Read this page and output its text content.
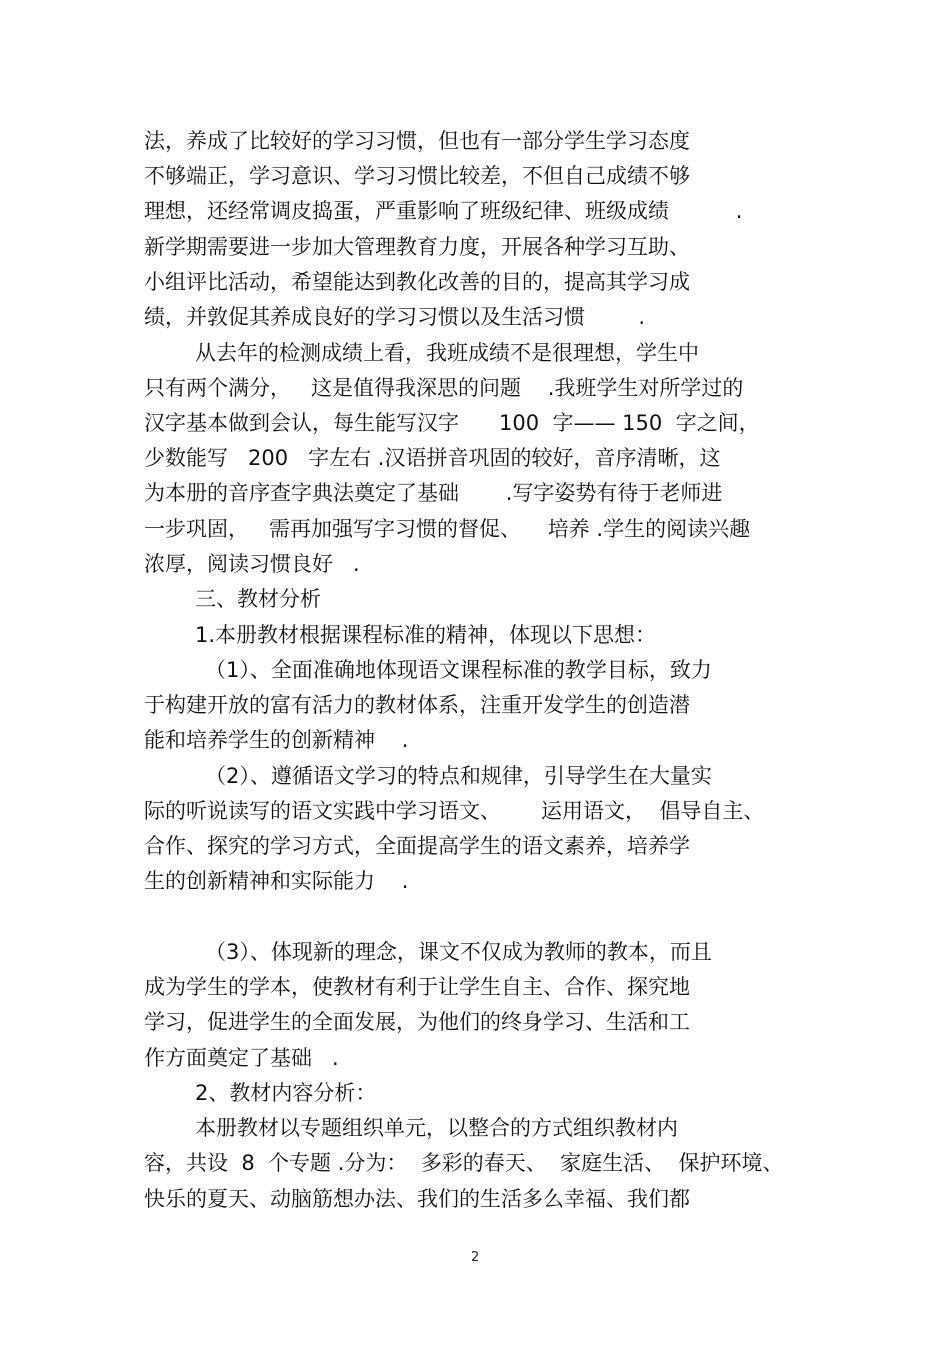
法，养成了比较好的学习习惯，但也有一部分学生学习态度

不够端正，学习意识、学习习惯比较差，不但自己成绩不够

理想，还经常调皮捣蛋，严重影响了班级纪律、班级成绩          .

新学期需要进一步加大管理教育力度，开展各种学习互助、

小组评比活动，希望能达到教化改善的目的，提高其学习成

绩，并敦促其养成良好的学习习惯以及生活习惯        .

从去年的检测成绩上看，我班成绩不是很理想，学生中

只有两个满分，   这是值得我深思的问题    .我班学生对所学过的

汉字基本做到会认，每生能写汉字      100  字—— 150  字之间，

少数能写   200   字左右 .汉语拼音巩固的较好，音序清晰，这

为本册的音序查字典法奠定了基础       .写字姿势有待于老师进

一步巩固，   需再加强写字习惯的督促、    培养 .学生的阅读兴趣

浓厚，阅读习惯良好   .

三、教材分析

1.本册教材根据课程标准的精神，体现以下思想：

（1）、全面准确地体现语文课程标准的教学目标，致力

于构建开放的富有活力的教材体系，注重开发学生的创造潜

能和培养学生的创新精神    .

（2）、遵循语文学习的特点和规律，引导学生在大量实

际的听说读写的语文实践中学习语文、      运用语文，  倡导自主、

合作、探究的学习方式，全面提高学生的语文素养，培养学

生的创新精神和实际能力    .

（3）、体现新的理念，课文不仅成为教师的教本，而且

成为学生的学本，使教材有利于让学生自主、合作、探究地

学习，促进学生的全面发展，为他们的终身学习、生活和工

作方面奠定了基础   .

2、教材内容分析：

本册教材以专题组织单元，以整合的方式组织教材内

容，共设  8  个专题 .分为：  多彩的春天、  家庭生活、  保护环境、

快乐的夏天、动脑筋想办法、我们的生活多么幸福、我们都

2
